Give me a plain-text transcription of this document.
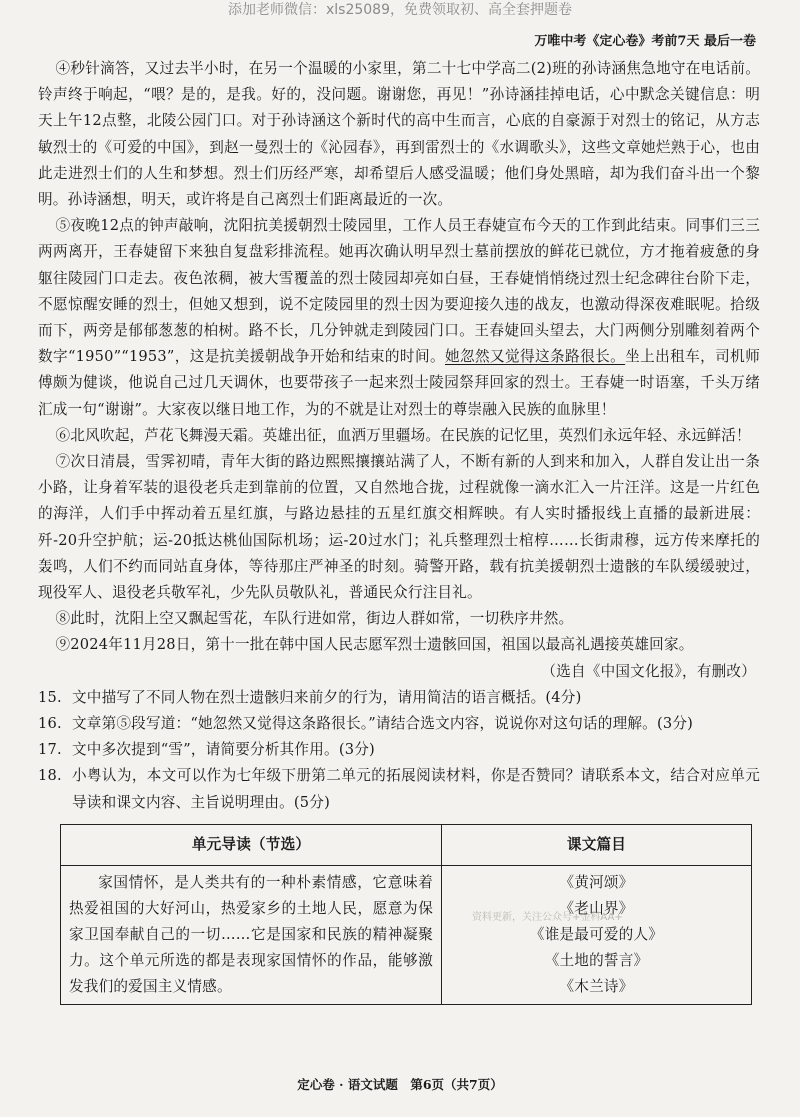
添加老师微信：xls25089，免费领取初、高全套押题卷
万唯中考《定心卷》考前7天 最后一卷

④秒针滴答，又过去半小时，在另一个温暖的小家里，第二十七中学高二(2)班的孙诗涵焦急地守在电话前。铃声终于响起，“喂？是的，是我。好的，没问题。谢谢您，再见！”孙诗涵挂掉电话，心中默念关键信息：明天上午12点整，北陵公园门口。对于孙诗涵这个新时代的高中生而言，心底的自豪源于对烈士的铭记，从方志敏烈士的《可爱的中国》，到赵一曼烈士的《沁园春》，再到雷烈士的《水调歌头》，这些文章她烂熟于心，也由此走进烈士们的人生和梦想。烈士们历经严寒，却希望后人感受温暖；他们身处黑暗，却为我们奋斗出一个黎明。孙诗涵想，明天，或许将是自己离烈士们距离最近的一次。

⑤夜晚12点的钟声敲响，沈阳抗美援朝烈士陵园里，工作人员王春婕宣布今天的工作到此结束。同事们三三两两离开，王春婕留下来独自复盘彩排流程。她再次确认明早烈士墓前摆放的鲜花已就位，方才拖着疲惫的身躯往陵园门口走去。夜色浓稠，被大雪覆盖的烈士陵园却亮如白昼，王春婕悄悄绕过烈士纪念碑往台阶下走，不愿惊醒安睡的烈士，但她又想到，说不定陵园里的烈士因为要迎接久违的战友，也激动得深夜难眠呢。拾级而下，两旁是郁郁葱葱的柏树。路不长，几分钟就走到陵园门口。王春婕回头望去，大门两侧分别雕刻着两个数字“1950”“1953”，这是抗美援朝战争开始和结束的时间。她忽然又觉得这条路很长。坐上出租车，司机师傅颇为健谈，他说自己过几天调休，也要带孩子一起来烈士陵园祭拜回家的烈士。王春婕一时语塞，千头万绪汇成一句“谢谢”。大家夜以继日地工作，为的不就是让对烈士的尊崇融入民族的血脉里！

⑥北风吹起，芦花飞舞漫天霜。英雄出征，血洒万里疆场。在民族的记忆里，英烈们永远年轻、永远鲜活！

⑦次日清晨，雪霁初晴，青年大街的路边熙熙攘攘站满了人，不断有新的人到来和加入，人群自发让出一条小路，让身着军装的退役老兵走到靠前的位置，又自然地合拢，过程就像一滴水汇入一片汪洋。这是一片红色的海洋，人们手中挥动着五星红旗，与路边悬挂的五星红旗交相辉映。有人实时播报线上直播的最新进展：歼-20升空护航；运-20抵达桃仙国际机场；运-20过水门；礼兵整理烈士棺椁……长街肃穆，远方传来摩托的轰鸣，人们不约而同站直身体，等待那庄严神圣的时刻。骑警开路，载有抗美援朝烈士遗骸的车队缓缓驶过，现役军人、退役老兵敬军礼，少先队员敬队礼，普通民众行注目礼。

⑧此时，沈阳上空又飘起雪花，车队行进如常，街边人群如常，一切秩序井然。

⑨2024年11月28日，第十一批在韩中国人民志愿军烈士遗骸回国，祖国以最高礼遇接英雄回家。

（选自《中国文化报》，有删改）

15. 文中描写了不同人物在烈士遗骸归来前夕的行为，请用简洁的语言概括。(4分)
16. 文章第⑤段写道：“她忽然又觉得这条路很长。”请结合选文内容，说说你对这句话的理解。(3分)
17. 文中多次提到“雪”，请简要分析其作用。(3分)
18. 小粤认为，本文可以作为七年级下册第二单元的拓展阅读材料，你是否赞同？请联系本文，结合对应单元导读和课文内容、主旨说明理由。(5分)
单元导读（节选）	课文篇目
家国情怀，是人类共有的一种朴素情感，它意味着热爱祖国的大好河山，热爱家乡的土地人民，愿意为保家卫国奉献自己的一切……它是国家和民族的精神凝聚力。这个单元所选的都是表现家国情怀的作品，能够激发我们的爱国主义情感。	《黄河颂》
《老山界》
《谁是最可爱的人》
《土地的誓言》
《木兰诗》
资料更新，关注公众号+金科AA+
定心卷 · 语文试题　第6页（共7页）
